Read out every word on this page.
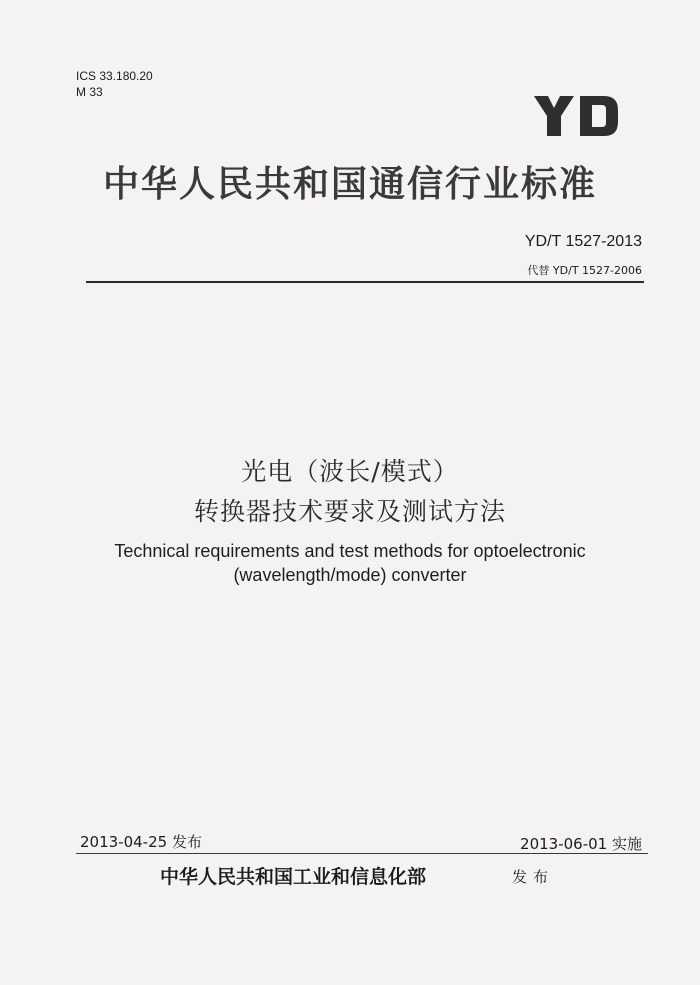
ICS 33.180.20
M 33
中华人民共和国通信行业标准
YD/T 1527-2013
代替 YD/T 1527-2006
光电（波长/模式）
转换器技术要求及测试方法
Technical requirements and test methods for optoelectronic
(wavelength/mode) converter
2013-04-25 发布	2013-06-01 实施
中华人民共和国工业和信息化部	发布
